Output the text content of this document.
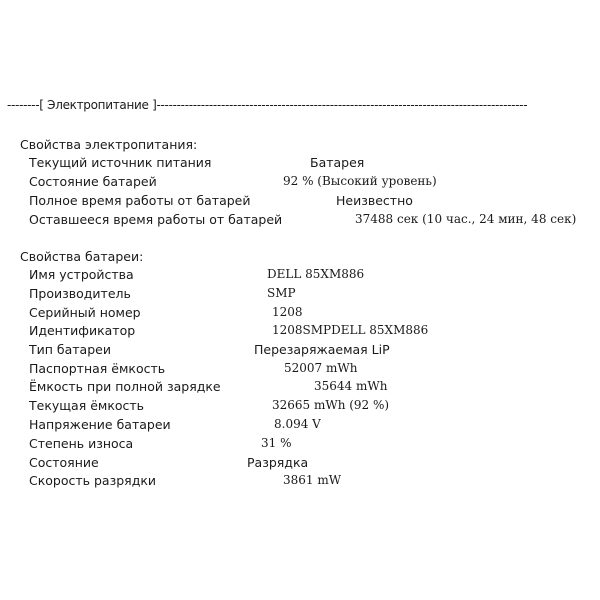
--------[ Электропитание ]--------------------------------------------------------------------------------------------
Свойства электропитания:
Текущий источник питания	Батарея
Состояние батарей	92 % (Высокий уровень)
Полное время работы от батарей	Неизвестно
Оставшееся время работы от батарей	37488 сек (10 час., 24 мин, 48 сек)
Свойства батареи:
Имя устройства	DELL 85XM886
Производитель	SMP
Серийный номер	1208
Идентификатор	1208SMPDELL 85XM886
Тип батареи	Перезаряжаемая LiP
Паспортная ёмкость	52007 mWh
Ёмкость при полной зарядке	35644 mWh
Текущая ёмкость	32665 mWh (92 %)
Напряжение батареи	8.094 V
Степень износа	31 %
Состояние	Разрядка
Скорость разрядки	3861 mW
